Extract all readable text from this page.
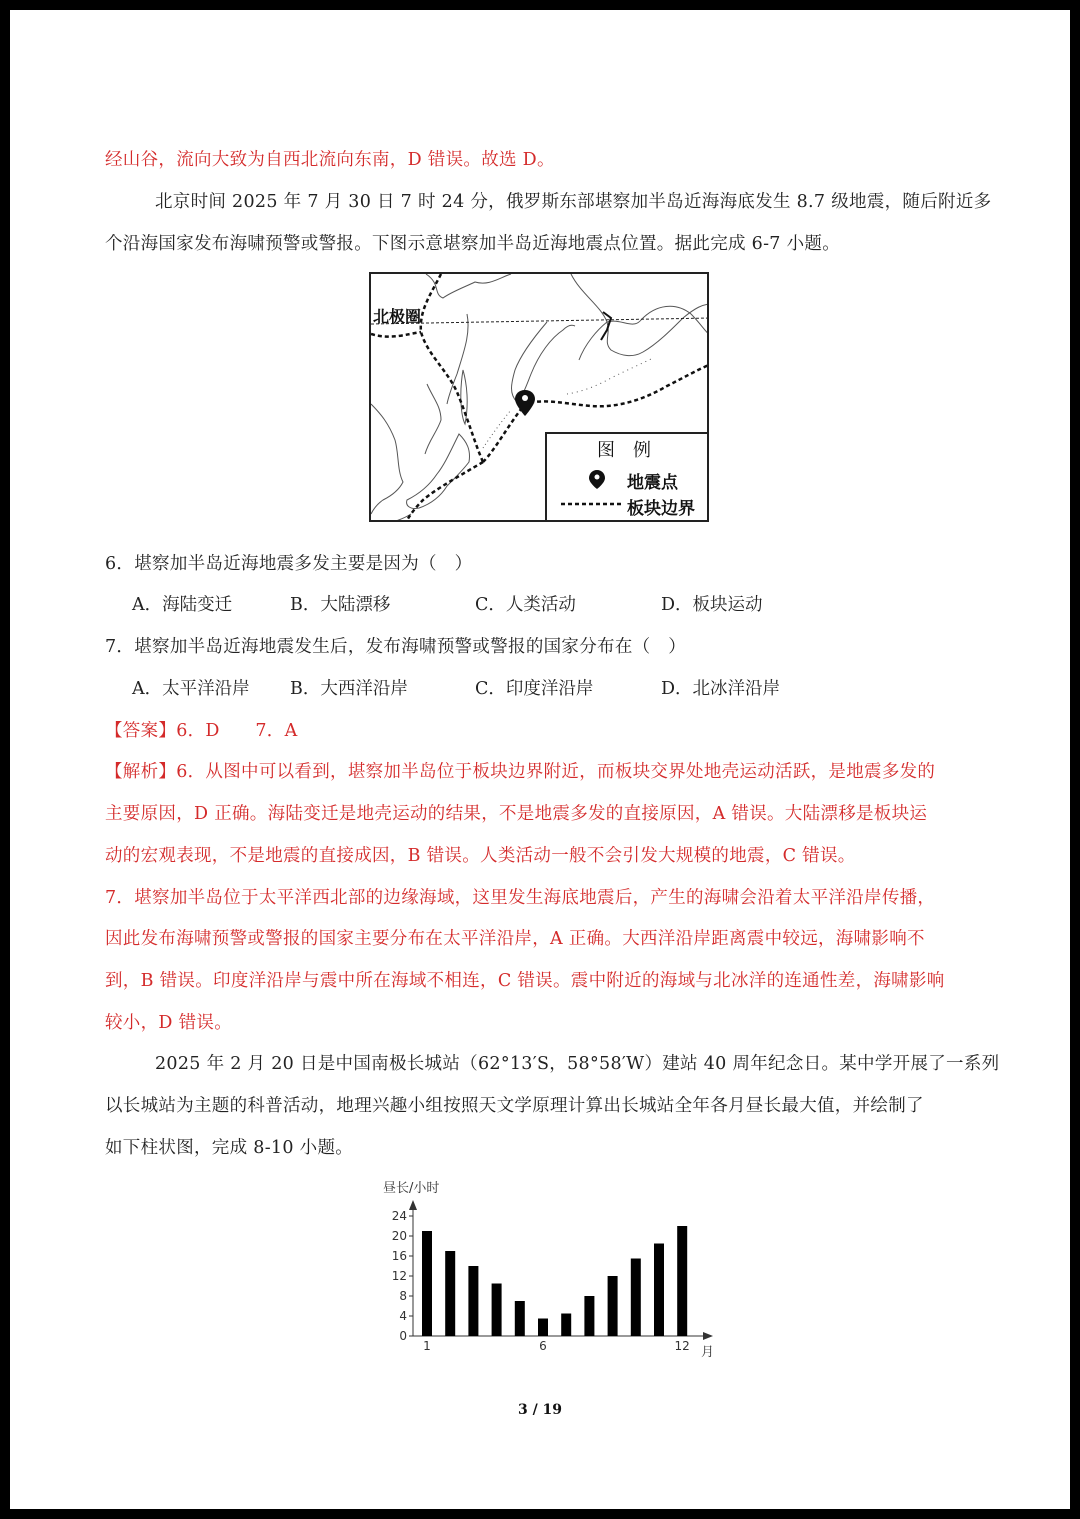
经山谷，流向大致为自西北流向东南，D 错误。故选 D。
北京时间 2025 年 7 月 30 日 7 时 24 分，俄罗斯东部堪察加半岛近海海底发生 8.7 级地震，随后附近多
个沿海国家发布海啸预警或警报。下图示意堪察加半岛近海地震点位置。据此完成 6-7 小题。
北极圈
图　例
地震点
板块边界
6．堪察加半岛近海地震多发主要是因为（　）
A．海陆变迁	B．大陆漂移	C．人类活动	D．板块运动
7．堪察加半岛近海地震发生后，发布海啸预警或警报的国家分布在（　）
A．太平洋沿岸 B．大西洋沿岸	C．印度洋沿岸	D．北冰洋沿岸
【答案】6．D　　7．A
【解析】6．从图中可以看到，堪察加半岛位于板块边界附近，而板块交界处地壳运动活跃，是地震多发的
主要原因，D 正确。海陆变迁是地壳运动的结果，不是地震多发的直接原因，A 错误。大陆漂移是板块运
动的宏观表现，不是地震的直接成因，B 错误。人类活动一般不会引发大规模的地震，C 错误。
7．堪察加半岛位于太平洋西北部的边缘海域，这里发生海底地震后，产生的海啸会沿着太平洋沿岸传播，
因此发布海啸预警或警报的国家主要分布在太平洋沿岸，A 正确。大西洋沿岸距离震中较远，海啸影响不
到，B 错误。印度洋沿岸与震中所在海域不相连，C 错误。震中附近的海域与北冰洋的连通性差，海啸影响
较小，D 错误。
2025 年 2 月 20 日是中国南极长城站（62°13′S，58°58′W）建站 40 周年纪念日。某中学开展了一系列
以长城站为主题的科普活动，地理兴趣小组按照天文学原理计算出长城站全年各月昼长最大值，并绘制了
如下柱状图，完成 8-10 小题。
昼长/小时
0
4
8
12
16
20
24
1	6	12 月
3 / 19
